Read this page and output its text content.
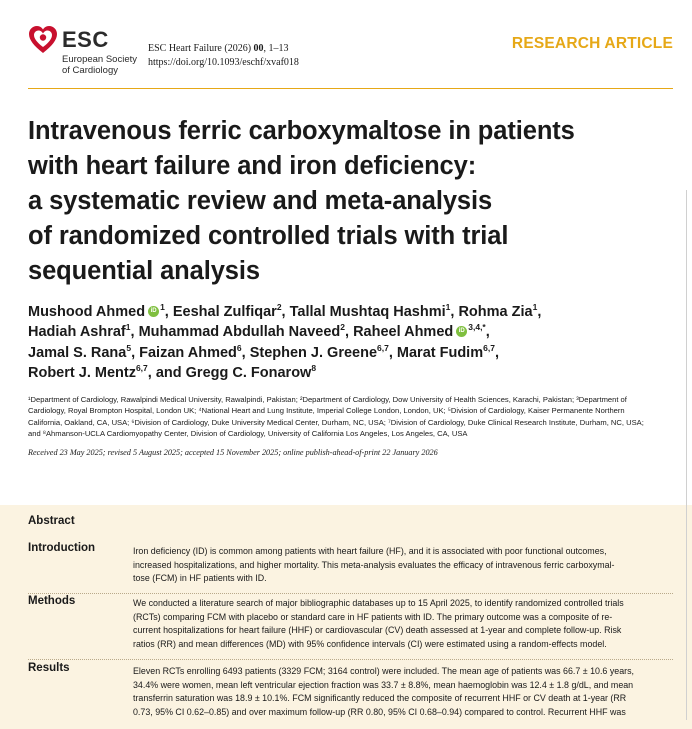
ESC
European Society
of Cardiology
ESC Heart Failure (2026) 00, 1–13
https://doi.org/10.1093/eschf/xvaf018
RESEARCH ARTICLE
Intravenous ferric carboxymaltose in patients
with heart failure and iron deficiency:
a systematic review and meta-analysis
of randomized controlled trials with trial
sequential analysis
Mushood Ahmed iD $^1$, Eeshal Zulfiqar$^2$, Tallal Mushtaq Hashmi$^1$, Rohma Zia$^1$,
Hadiah Ashraf$^1$, Muhammad Abdullah Naveed$^2$, Raheel Ahmed iD $^{3,4,*}$,
Jamal S. Rana$^5$, Faizan Ahmed$^6$, Stephen J. Greene$^{6,7}$, Marat Fudim$^{6,7}$,
Robert J. Mentz$^{6,7}$, and Gregg C. Fonarow$^8$
¹Department of Cardiology, Rawalpindi Medical University, Rawalpindi, Pakistan; ²Department of Cardiology, Dow University of Health Sciences, Karachi, Pakistan; ³Department of
Cardiology, Royal Brompton Hospital, London UK; ⁴National Heart and Lung Institute, Imperial College London, London, UK; ⁵Division of Cardiology, Kaiser Permanente Northern
California, Oakland, CA, USA; ⁶Division of Cardiology, Duke University Medical Center, Durham, NC, USA; ⁷Division of Cardiology, Duke Clinical Research Institute, Durham, NC, USA;
and ⁸Ahmanson-UCLA Cardiomyopathy Center, Division of Cardiology, University of California Los Angeles, Los Angeles, CA, USA
Received 23 May 2025; revised 5 August 2025; accepted 15 November 2025; online publish-ahead-of-print 22 January 2026
Abstract
Introduction	Iron deficiency (ID) is common among patients with heart failure (HF), and it is associated with poor functional outcomes,
increased hospitalizations, and higher mortality. This meta-analysis evaluates the efficacy of intravenous ferric carboxymal-
tose (FCM) in HF patients with ID.
Methods	We conducted a literature search of major bibliographic databases up to 15 April 2025, to identify randomized controlled trials
(RCTs) comparing FCM with placebo or standard care in HF patients with ID. The primary outcome was a composite of re-
current hospitalizations for heart failure (HHF) or cardiovascular (CV) death assessed at 1-year and complete follow-up. Risk
ratios (RR) and mean differences (MD) with 95% confidence intervals (CI) were estimated using a random-effects model.
Results	Eleven RCTs enrolling 6493 patients (3329 FCM; 3164 control) were included. The mean age of patients was 66.7 ± 10.6 years,
34.4% were women, mean left ventricular ejection fraction was 33.7 ± 8.8%, mean haemoglobin was 12.4 ± 1.8 g/dL, and mean
transferrin saturation was 18.9 ± 10.1%. FCM significantly reduced the composite of recurrent HHF or CV death at 1-year (RR
0.73, 95% CI 0.62–0.85) and over maximum follow-up (RR 0.80, 95% CI 0.68–0.94) compared to control. Recurrent HHF was
